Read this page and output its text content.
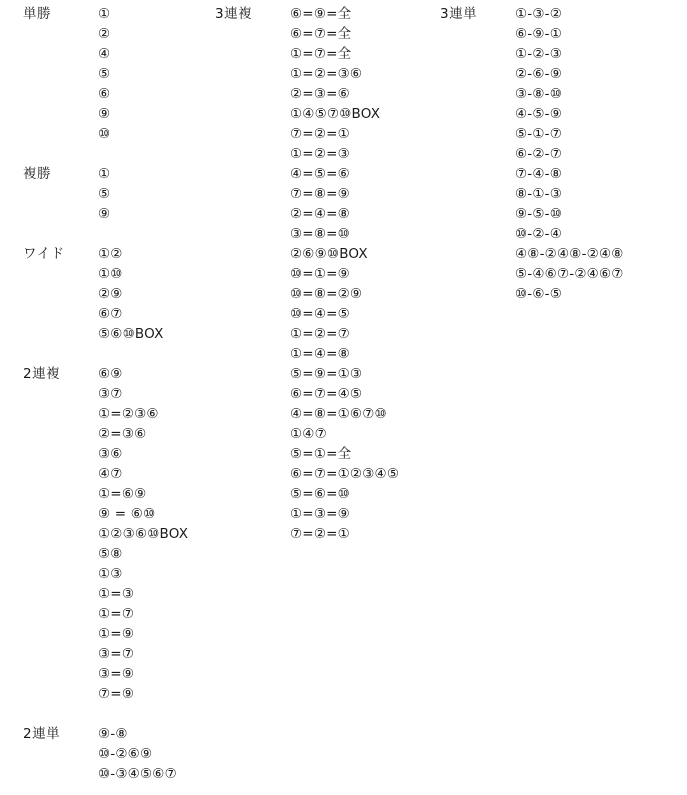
単勝	①
②
④
⑤
⑥
⑨
⑩
複勝	①
⑤
⑨
ワイド ①②
①⑩
②⑨
⑥⑦
⑤⑥⑩BOX
2連複	⑥⑨
③⑦
①=②③⑥
②=③⑥
③⑥
④⑦
①=⑥⑨
⑨ = ⑥⑩
①②③⑥⑩BOX
⑤⑧
①③
①=③
①=⑦
①=⑨
③=⑦
③=⑨
⑦=⑨
2連単	⑨-⑧
⑩-②⑥⑨
⑩-③④⑤⑥⑦
3連複	⑥=⑨=全
⑥=⑦=全
①=⑦=全
①=②=③⑥
②=③=⑥
①④⑤⑦⑩BOX
⑦=②=①
①=②=③
④=⑤=⑥
⑦=⑧=⑨
②=④=⑧
③=⑧=⑩
②⑥⑨⑩BOX
⑩=①=⑨
⑩=⑧=②⑨
⑩=④=⑤
①=②=⑦
①=④=⑧
⑤=⑨=①③
⑥=⑦=④⑤
④=⑧=①⑥⑦⑩
①④⑦
⑤=①=全
⑥=⑦=①②③④⑤
⑤=⑥=⑩
①=③=⑨
⑦=②=①
3連単	①-③-②
⑥-⑨-①
①-②-③
②-⑥-⑨
③-⑧-⑩
④-⑤-⑨
⑤-①-⑦
⑥-②-⑦
⑦-④-⑧
⑧-①-③
⑨-⑤-⑩
⑩-②-④
④⑧-②④⑧-②④⑧
⑤-④⑥⑦-②④⑥⑦
⑩-⑥-⑤
